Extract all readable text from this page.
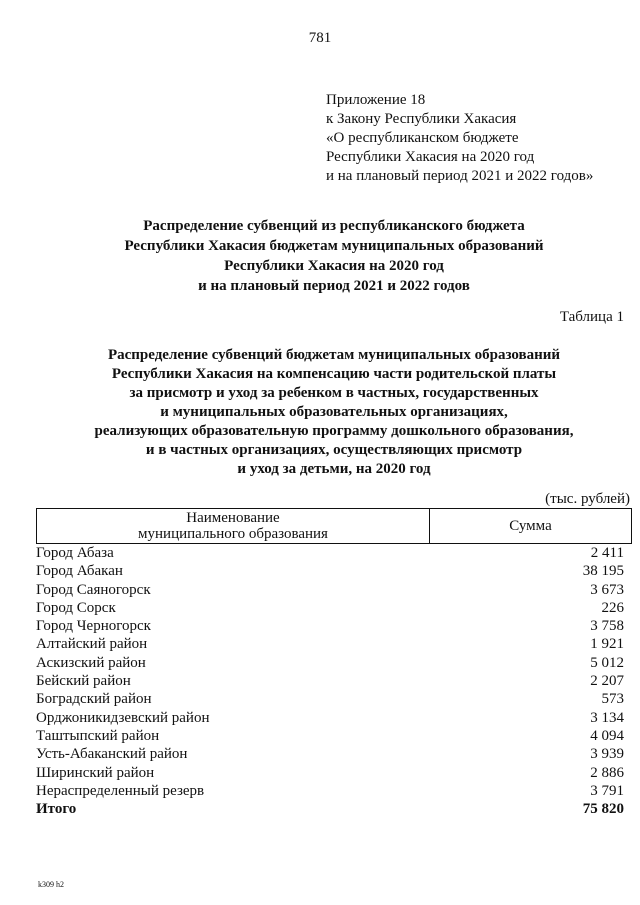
781
Приложение 18
к Закону Республики Хакасия
«О республиканском бюджете
Республики Хакасия на 2020 год
и на плановый период 2021 и 2022 годов»
Распределение субвенций из республиканского бюджета
Республики Хакасия бюджетам муниципальных образований
Республики Хакасия на 2020 год
и на плановый период 2021 и 2022 годов
Таблица 1
Распределение субвенций бюджетам муниципальных образований
Республики Хакасия на компенсацию части родительской платы
за присмотр и уход за ребенком в частных, государственных
и муниципальных образовательных организациях,
реализующих образовательную программу дошкольного образования,
и в частных организациях, осуществляющих присмотр
и уход за детьми, на 2020 год
(тыс. рублей)
Наименование
муниципального образования	Сумма
Город Абаза	2 411
Город Абакан	38 195
Город Саяногорск	3 673
Город Сорск	226
Город Черногорск	3 758
Алтайский район	1 921
Аскизский район	5 012
Бейский район	2 207
Боградский район	573
Орджоникидзевский район	3 134
Таштыпский район	4 094
Усть-Абаканский район	3 939
Ширинский район	2 886
Нераспределенный резерв	3 791
Итого	75 820
k309 h2
